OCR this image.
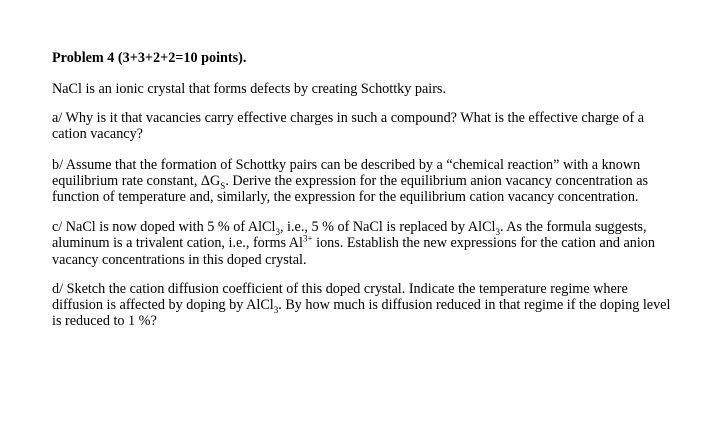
Problem 4 (3+3+2+2=10 points).

NaCl is an ionic crystal that forms defects by creating Schottky pairs.

a/ Why is it that vacancies carry effective charges in such a compound? What is the effective charge of a cation vacancy?

b/ Assume that the formation of Schottky pairs can be described by a “chemical reaction” with a known equilibrium rate constant, $\Delta G_S$. Derive the expression for the equilibrium anion vacancy concentration as function of temperature and, similarly, the expression for the equilibrium cation vacancy concentration.

c/ NaCl is now doped with 5 % of AlCl$_3$, i.e., 5 % of NaCl is replaced by AlCl$_3$. As the formula suggests, aluminum is a trivalent cation, i.e., forms $Al^{3+}$ ions. Establish the new expressions for the cation and anion vacancy concentrations in this doped crystal.

d/ Sketch the cation diffusion coefficient of this doped crystal. Indicate the temperature regime where diffusion is affected by doping by AlCl$_3$. By how much is diffusion reduced in that regime if the doping level is reduced to 1 %?
